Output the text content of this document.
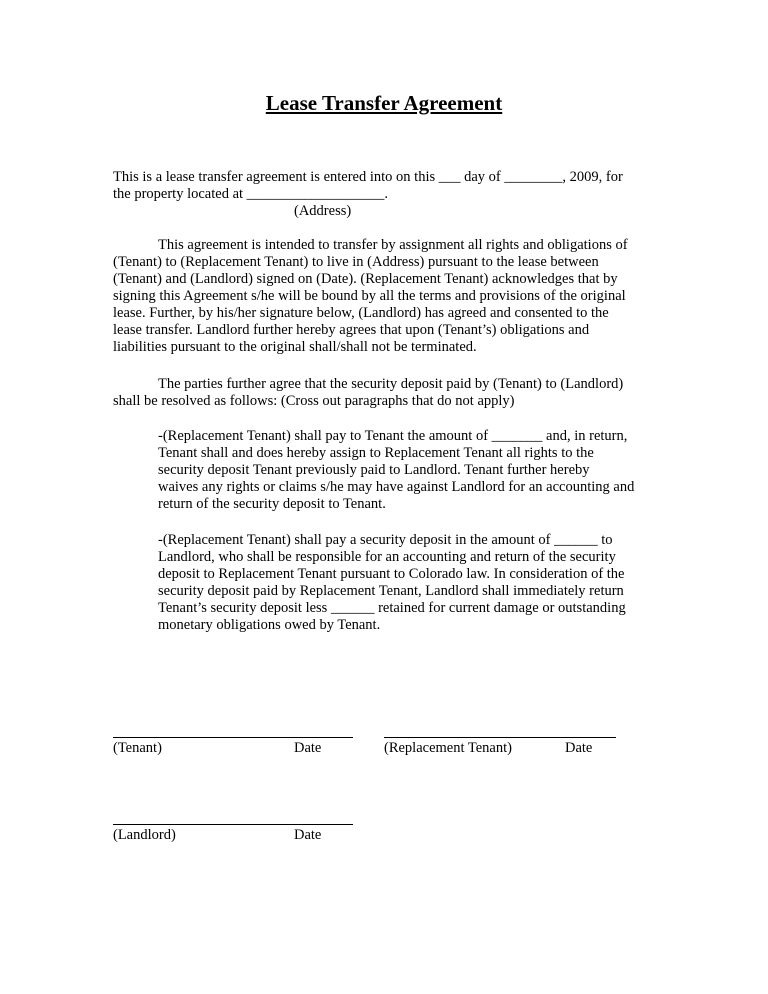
Lease Transfer Agreement
This is a lease transfer agreement is entered into on this ___ day of ________, 2009, for
the property located at ___________________.
(Address)
This agreement is intended to transfer by assignment all rights and obligations of
(Tenant) to (Replacement Tenant) to live in (Address) pursuant to the lease between
(Tenant) and (Landlord) signed on (Date). (Replacement Tenant) acknowledges that by
signing this Agreement s/he will be bound by all the terms and provisions of the original
lease. Further, by his/her signature below, (Landlord) has agreed and consented to the
lease transfer. Landlord further hereby agrees that upon (Tenant’s) obligations and
liabilities pursuant to the original shall/shall not be terminated.
The parties further agree that the security deposit paid by (Tenant) to (Landlord)
shall be resolved as follows: (Cross out paragraphs that do not apply)
-(Replacement Tenant) shall pay to Tenant the amount of _______ and, in return,
Tenant shall and does hereby assign to Replacement Tenant all rights to the
security deposit Tenant previously paid to Landlord. Tenant further hereby
waives any rights or claims s/he may have against Landlord for an accounting and
return of the security deposit to Tenant.
-(Replacement Tenant) shall pay a security deposit in the amount of ______ to
Landlord, who shall be responsible for an accounting and return of the security
deposit to Replacement Tenant pursuant to Colorado law. In consideration of the
security deposit paid by Replacement Tenant, Landlord shall immediately return
Tenant’s security deposit less ______ retained for current damage or outstanding
monetary obligations owed by Tenant.
(Tenant)	Date	(Replacement Tenant)	Date
(Landlord)	Date
